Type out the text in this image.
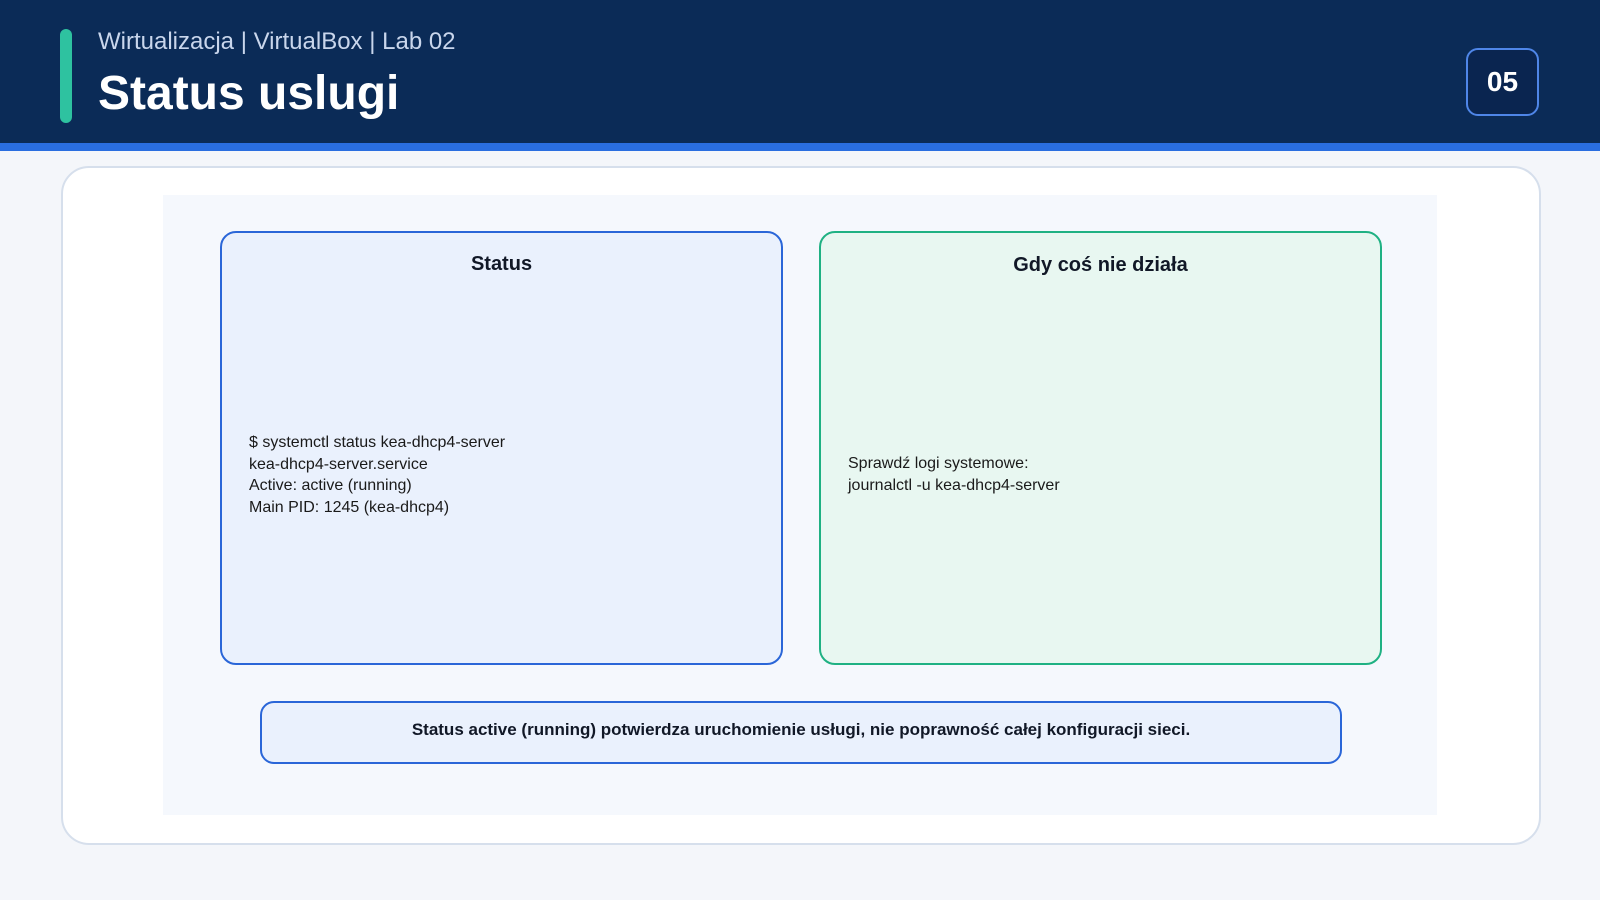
Wirtualizacja | VirtualBox | Lab 02
Status uslugi	05
Status
$ systemctl status kea-dhcp4-server
kea-dhcp4-server.service
Active: active (running)
Main PID: 1245 (kea-dhcp4)
Gdy coś nie działa
Sprawdź logi systemowe:
journalctl -u kea-dhcp4-server
Status active (running) potwierdza uruchomienie usługi, nie poprawność całej konfiguracji sieci.
